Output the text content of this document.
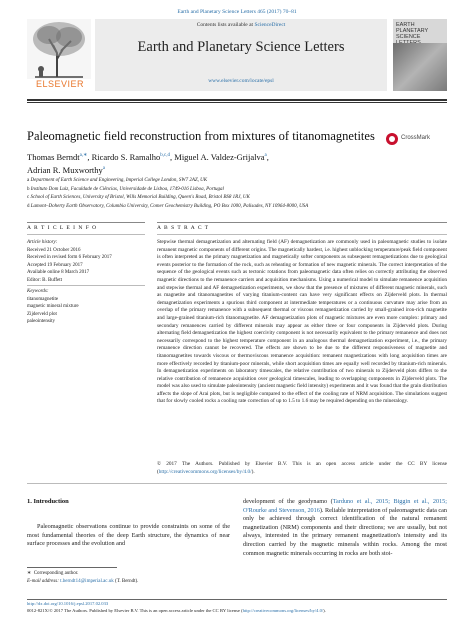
Earth and Planetary Science Letters 465 (2017) 70–81
ELSEVIER
Contents lists available at ScienceDirect
Earth and Planetary Science Letters
www.elsevier.com/locate/epsl
EARTH
PLANETARY
SCIENCE

Paleomagnetic field reconstruction from mixtures of titanomagnetites	CrossMark
Thomas Berndt$^{a,∗}$, Ricardo S. Ramalho$^{b,c,d}$, Miguel A. Valdez-Grijalva$^a$,
Adrian R. Muxworthy$^a$
a Department of Earth Science and Engineering, Imperial College London, SW7 2AZ, UK
b Instituto Dom Luiz, Faculdade de Ciências, Universidade de Lisboa, 1749-016 Lisboa, Portugal
c School of Earth Sciences, University of Bristol, Wills Memorial Building, Queen's Road, Bristol BS8 1RJ, UK
d Lamont–Doherty Earth Observatory, Columbia University, Comer Geochemistry Building, PO Box 1000, Palisades, NY 10964-8000, USA
A R T I C L E I N F O	A B S T R A C T
Article history:
Received 21 October 2016
Received in revised form 6 February 2017
Accepted 19 February 2017
Available online 8 March 2017
Editor: B. Buffett
Keywords:
titanomagnetite
magnetic mineral mixture
Zijderveld plot
paleointensity

Stepwise thermal demagnetization and alternating field (AF) demagnetization are commonly used in paleomagnetic studies to isolate remanent magnetic components of different origins. The magnetically hardest, i.e. highest unblocking temperature/peak field component is often interpreted as the primary magnetization and magnetically softer components as subsequent remagnetizations due to geological events posterior to the formation of the rock, such as reheating or formation of new magnetic minerals. The correct interpretation of the sequence of the geological events such as tectonic rotations from paleomagnetic data often relies on correctly attributing the observed magnetic directions to the remanence carriers and acquisition mechanisms. Using a numerical model to simulate remanence acquisition and stepwise thermal and AF demagnetization experiments, we show that the presence of mixtures of different magnetic minerals, such as magnetite and titanomagnetites of varying titanium-content can have very significant effects on Zijderveld plots. In thermal demagnetization experiments a spurious third component at intermediate temperatures or a continuous curvature may arise from an overlap of the primary remanence with a subsequent thermal or viscous remagnetization carried by small-grained iron-rich magnetite and large-grained titanium-rich titanomagnetite. AF demagnetization plots of magnetic mixtures are even more complex: primary and secondary remanences carried by different minerals may appear as either three or four components in Zijderveld plots. During alternating field demagnetization the highest coercivity component is not necessarily equivalent to the primary remanence and does not necessarily correspond to the highest temperature component in an analogous thermal demagnetization experiment, i.e., the primary remanence direction cannot be recovered. The effects are shown to be due to the different responsiveness of magnetite and titanomagnetites towards viscous or thermoviscous remanence acquisition: remanent magnetizations with long acquisition times are more effectively recorded by titanium-poor minerals, while short acquisition times are equally well recorded by titanium-rich minerals. In demagnetization experiments on laboratory timescales, the relative contribution of two minerals to Zijderveld plots differs to the relative contribution of remanence acquisition over geological timescales, leading to overlapping components in Zijderveld plots. The model was also used to simulate paleointensity (ancient magnetic field intensity) experiments and it was found that the grain distribution affects the slope of Arai plots, but is negligible compared to the effect of the cooling rate of NRM acquisition. The simulations suggest that for slowly cooled rocks a cooling rate correction of up to 1.5 to 1.6 may be required depending on the mineralogy.

© 2017 The Authors. Published by Elsevier B.V. This is an open access article under the CC BY license (http://creativecommons.org/licenses/by/4.0/).

1. Introduction

Paleomagnetic observations continue to provide constraints on some of the most fundamental theories of the deep Earth structure, the dynamics of near surface processes and the evolution and

development of the geodynamo (Tarduno et al., 2015; Biggin et al., 2015; O'Rourke and Stevenson, 2016). Reliable interpretation of paleomagnetic data can only be achieved through correct identification of the natural remanent magnetization (NRM) components and their directions; we are usually, but not always, interested in the primary remanent magnetization's intensity and its direction carried by the magnetic minerals within rocks. Among the most common magnetic minerals occurring in rocks are both stoi-

∗ Corresponding author.
E-mail address: t.berndt14@imperial.ac.uk (T. Berndt).
http://dx.doi.org/10.1016/j.epsl.2017.02.033
0012-821X/© 2017 The Authors. Published by Elsevier B.V. This is an open access article under the CC BY license (http://creativecommons.org/licenses/by/4.0/).
